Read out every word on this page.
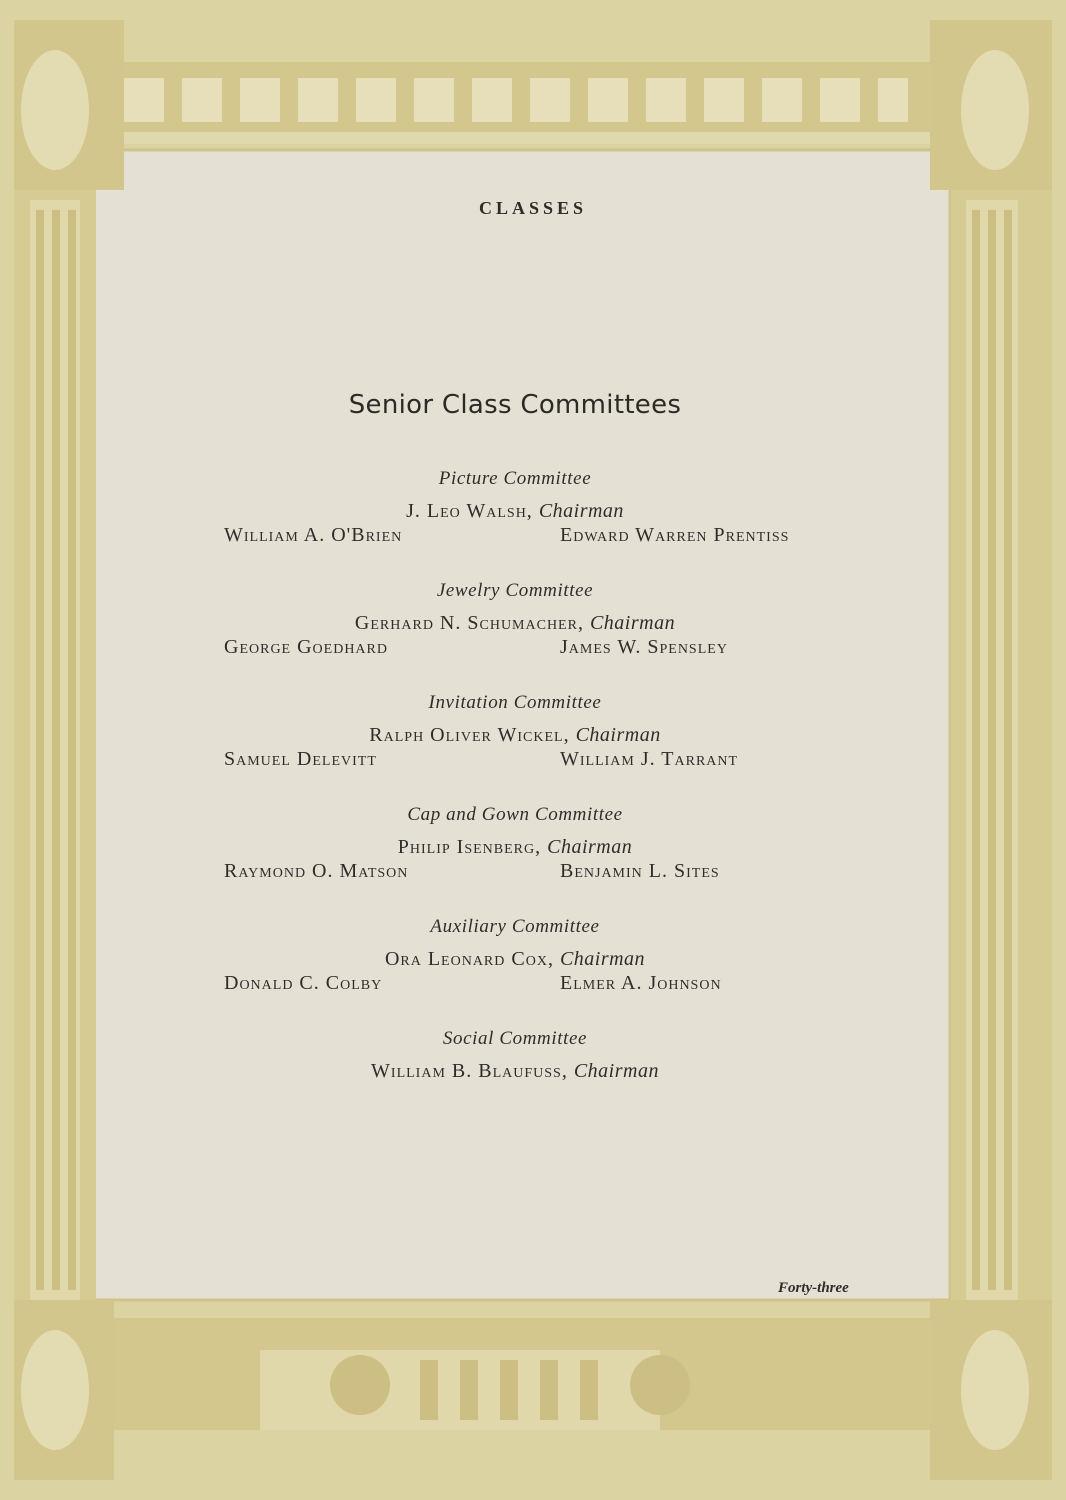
CLASSES
Senior Class Committees
Picture Committee
J. Leo Walsh, Chairman
William A. O'Brien	Edward Warren Prentiss
Jewelry Committee
Gerhard N. Schumacher, Chairman
George Goedhard	James W. Spensley
Invitation Committee
Ralph Oliver Wickel, Chairman
Samuel Delevitt	William J. Tarrant
Cap and Gown Committee
Philip Isenberg, Chairman
Raymond O. Matson	Benjamin L. Sites
Auxiliary Committee
Ora Leonard Cox, Chairman
Donald C. Colby	Elmer A. Johnson
Social Committee
William B. Blaufuss, Chairman
Forty-three
